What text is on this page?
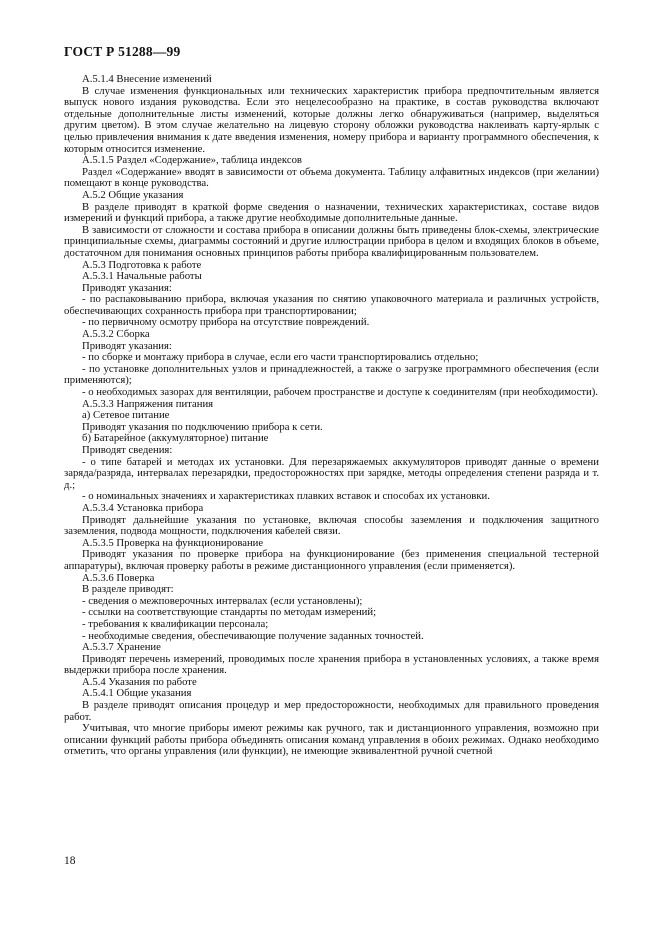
ГОСТ Р 51288—99

А.5.1.4 Внесение изменений

В случае изменения функциональных или технических характеристик прибора предпочтительным является выпуск нового издания руководства. Если это нецелесообразно на практике, в состав руководства включают отдельные дополнительные листы изменений, которые должны легко обнаруживаться (например, выделяться другим цветом). В этом случае желательно на лицевую сторону обложки руководства наклеивать карту-ярлык с целью привлечения внимания к дате введения изменения, номеру прибора и варианту программного обеспечения, к которым относится изменение.

А.5.1.5 Раздел «Содержание», таблица индексов

Раздел «Содержание» вводят в зависимости от объема документа. Таблицу алфавитных индексов (при желании) помещают в конце руководства.

А.5.2 Общие указания

В разделе приводят в краткой форме сведения о назначении, технических характеристиках, составе видов измерений и функций прибора, а также другие необходимые дополнительные данные.

В зависимости от сложности и состава прибора в описании должны быть приведены блок-схемы, электрические принципиальные схемы, диаграммы состояний и другие иллюстрации прибора в целом и входящих блоков в объеме, достаточном для понимания основных принципов работы прибора квалифицированным пользователем.

А.5.3 Подготовка к работе

А.5.3.1 Начальные работы

Приводят указания:

- по распаковыванию прибора, включая указания по снятию упаковочного материала и различных устройств, обеспечивающих сохранность прибора при транспортировании;

- по первичному осмотру прибора на отсутствие повреждений.

А.5.3.2 Сборка

Приводят указания:

- по сборке и монтажу прибора в случае, если его части транспортировались отдельно;

- по установке дополнительных узлов и принадлежностей, а также о загрузке программного обеспечения (если применяются);

- о необходимых зазорах для вентиляции, рабочем пространстве и доступе к соединителям (при необходимости).

А.5.3.3 Напряжения питания

а) Сетевое питание

Приводят указания по подключению прибора к сети.

б) Батарейное (аккумуляторное) питание

Приводят сведения:

- о типе батарей и методах их установки. Для перезаряжаемых аккумуляторов приводят данные о времени заряда/разряда, интервалах перезарядки, предосторожностях при зарядке, методы определения степени разряда и т. д.;

- о номинальных значениях и характеристиках плавких вставок и способах их установки.

А.5.3.4 Установка прибора

Приводят дальнейшие указания по установке, включая способы заземления и подключения защитного заземления, подвода мощности, подключения кабелей связи.

А.5.3.5 Проверка на функционирование

Приводят указания по проверке прибора на функционирование (без применения специальной тестерной аппаратуры), включая проверку работы в режиме дистанционного управления (если применяется).

А.5.3.6 Поверка

В разделе приводят:

- сведения о межповерочных интервалах (если установлены);

- ссылки на соответствующие стандарты по методам измерений;

- требования к квалификации персонала;

- необходимые сведения, обеспечивающие получение заданных точностей.

А.5.3.7 Хранение

Приводят перечень измерений, проводимых после хранения прибора в установленных условиях, а также время выдержки прибора после хранения.

А.5.4 Указания по работе

А.5.4.1 Общие указания

В разделе приводят описания процедур и мер предосторожности, необходимых для правильного проведения работ.

Учитывая, что многие приборы имеют режимы как ручного, так и дистанционного управления, возможно при описании функций работы прибора объединять описания команд управления в обоих режимах. Однако необходимо отметить, что органы управления (или функции), не имеющие эквивалентной ручной счетной

18
